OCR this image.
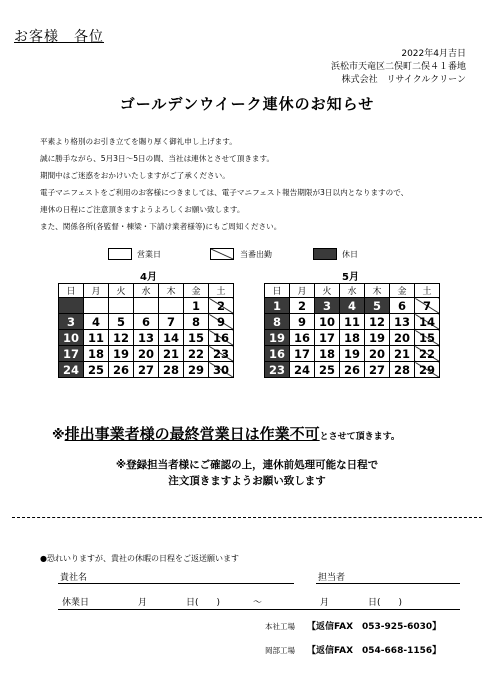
お客様　各位
2022年4月吉日
浜松市天竜区二俣町二俣４１番地
株式会社　リサイクルクリーン
ゴールデンウイーク連休のお知らせ
平素より格別のお引き立てを賜り厚く御礼申し上げます。
誠に勝手ながら、5月3日～5日の間、当社は連休とさせて頂きます。
期間中はご迷惑をおかけいたしますがご了承ください。
電子マニフェストをご利用のお客様につきましては、電子マニフェスト報告期限が3日以内となりますので、
連休の日程にご注意頂きますようよろしくお願い致します。
また、関係各所(各監督・棟梁・下請け業者様等)にもご周知ください。
営業日	当番出勤	休日
4月	5月
日	月	火	水	木	金	土
					1	2
3	4	5	6	7	8	9
10	11	12	13	14	15	16
17	18	19	20	21	22	23
24	25	26	27	28	29	30
日	月	火	水	木	金	土
1	2	3	4	5	6	7
8	9	10	11	12	13	14
19	16	17	18	19	20	15
16	17	18	19	20	21	22
23	24	25	26	27	28	29
※排出事業者様の最終営業日は作業不可とさせて頂きます。
※登録担当者様にご確認の上，連休前処理可能な日程で
注文頂きますようお願い致します
●恐れいりますが、貴社の休暇の日程をご返送願います
貴社名	担当者
休業日	月	日(　　)	～	月	日(　　)
本社工場 【返信FAX　053-925-6030】
岡部工場 【返信FAX　054-668-1156】
